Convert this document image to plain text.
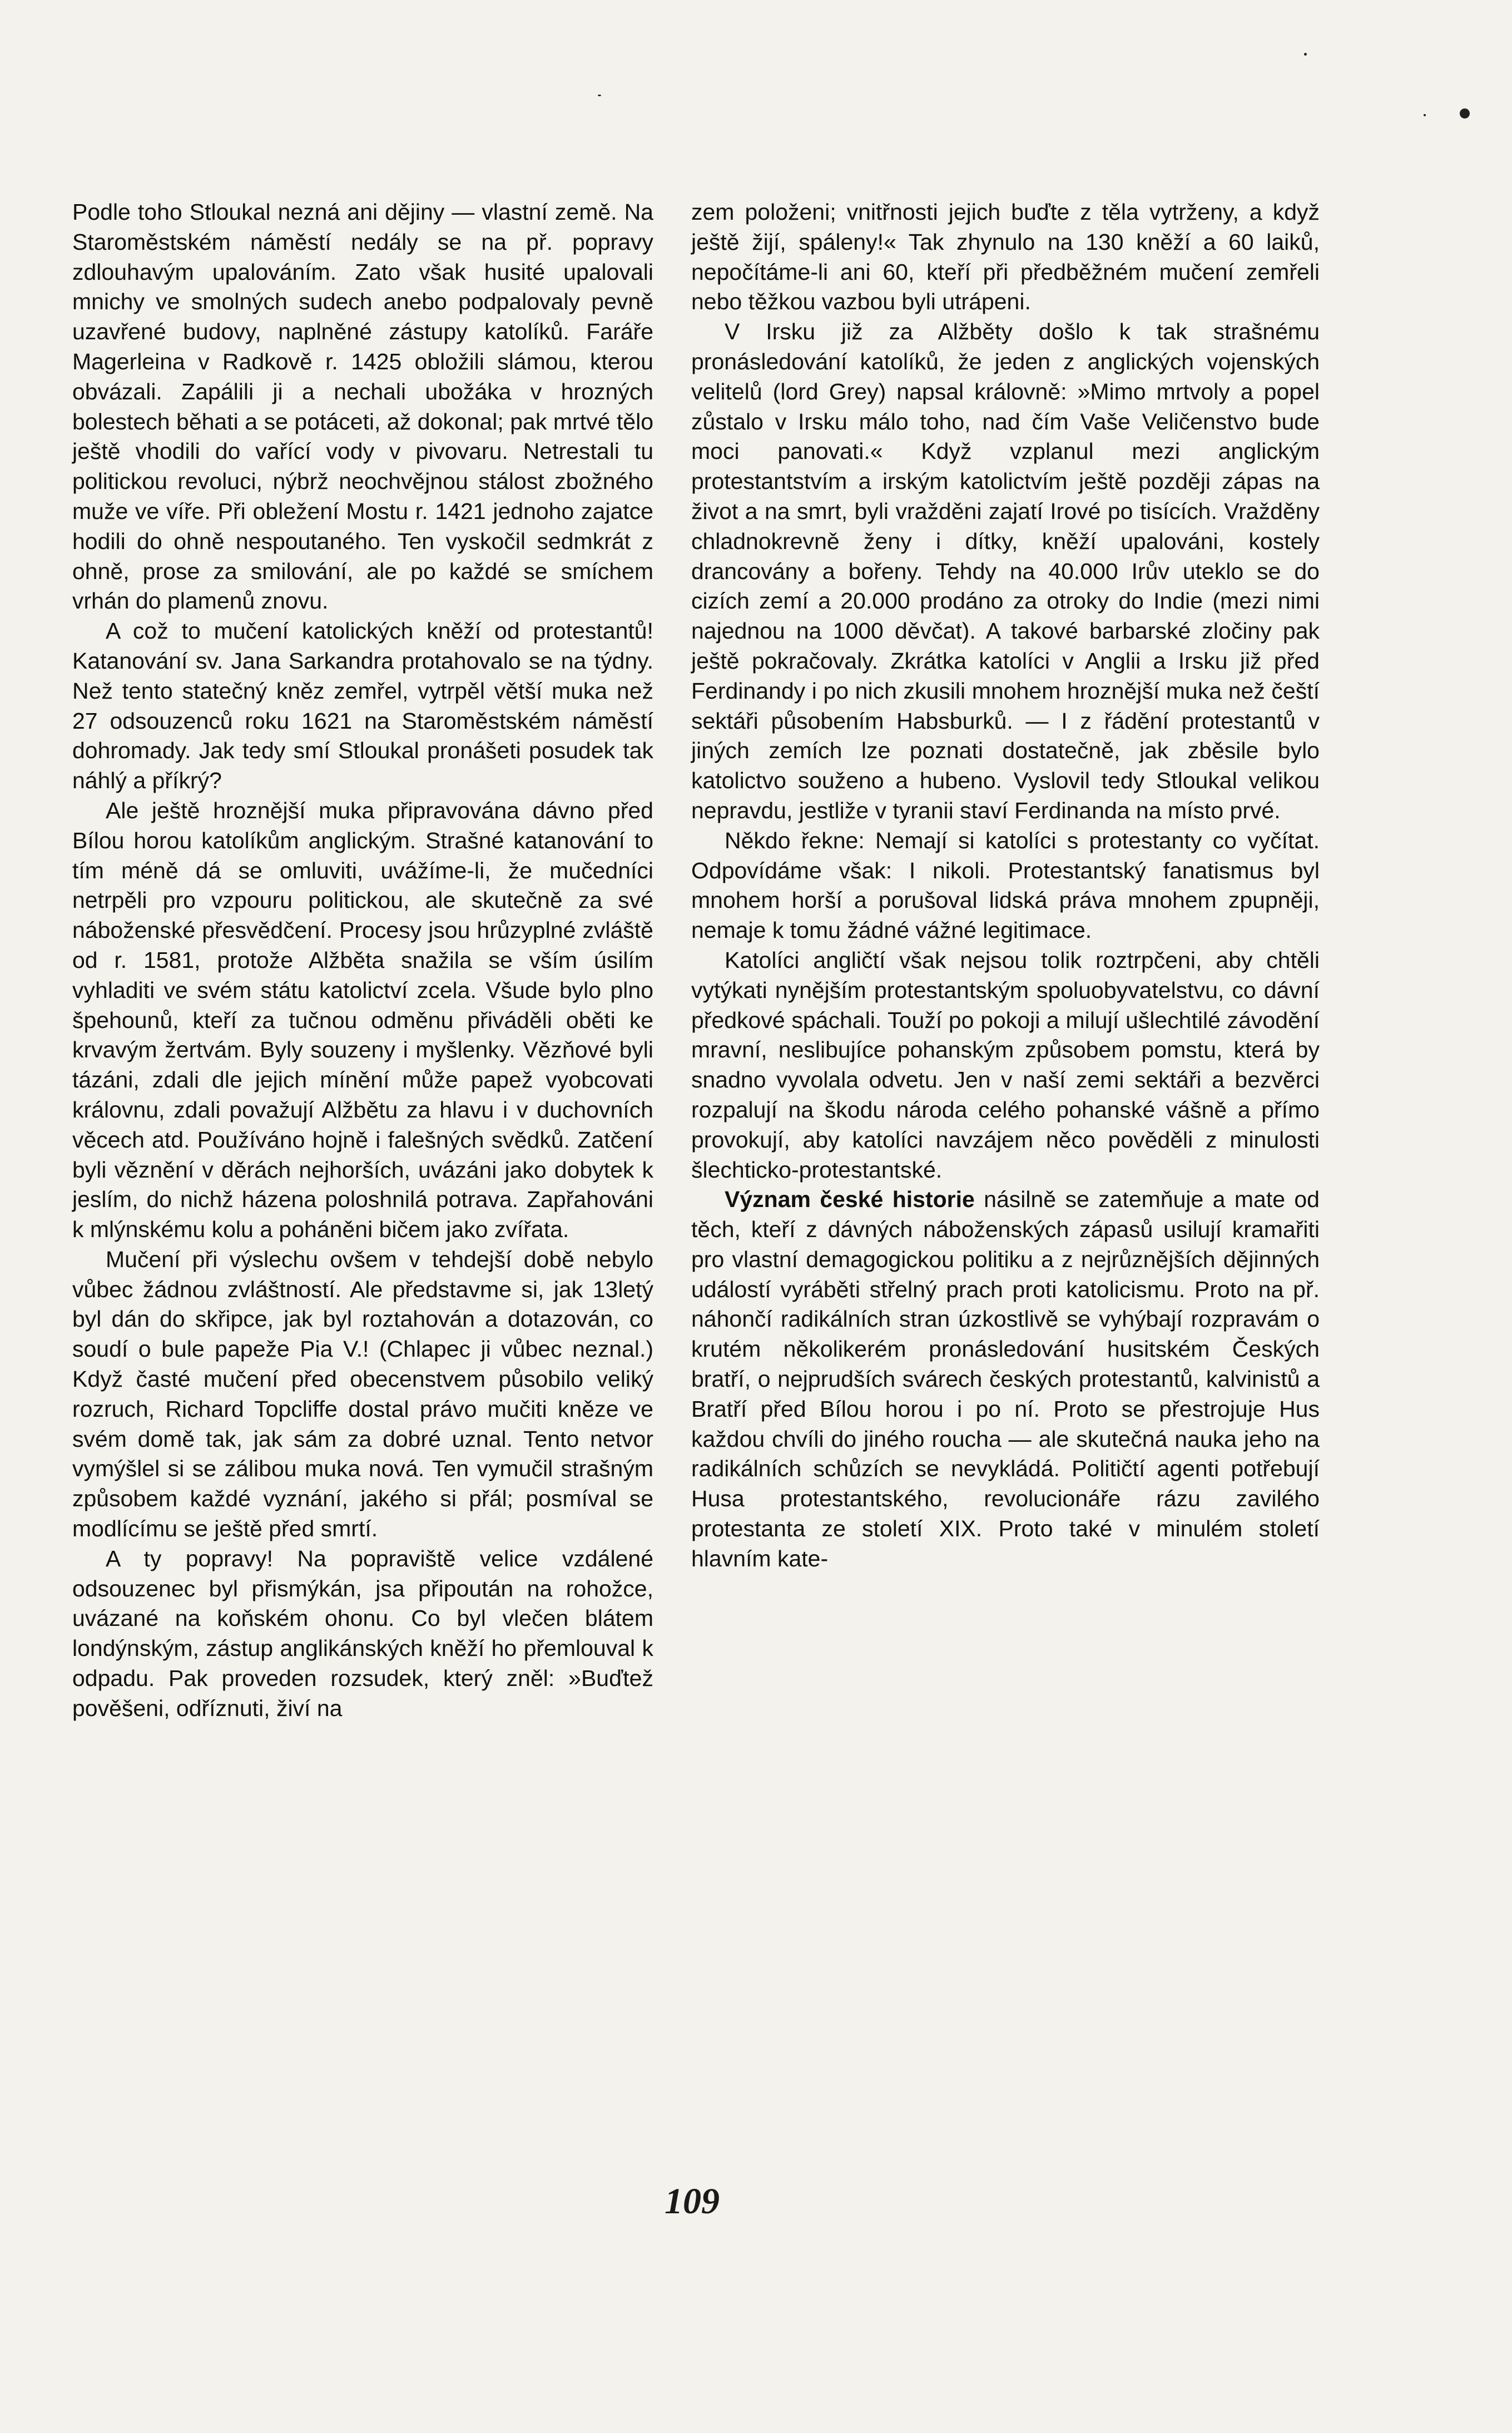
Podle toho Stloukal nezná ani dějiny — vlastní země. Na Staroměstském náměstí nedály se na př. popravy zdlouhavým upalováním. Zato však husité upalovali mnichy ve smolných sudech anebo podpalovaly pevně uzavřené budovy, naplněné zástupy katolíků. Faráře Magerleina v Radkově r. 1425 obložili slámou, kterou obvázali. Zapálili ji a nechali ubožáka v hrozných bolestech běhati a se potáceti, až dokonal; pak mrtvé tělo ještě vhodili do vařící vody v pivovaru. Netrestali tu politickou revoluci, nýbrž neochvějnou stálost zbožného muže ve víře. Při obležení Mostu r. 1421 jednoho zajatce hodili do ohně nespoutaného. Ten vyskočil sedmkrát z ohně, prose za smilování, ale po každé se smíchem vrhán do plamenů znovu.

A což to mučení katolických kněží od protestantů! Katanování sv. Jana Sarkandra protahovalo se na týdny. Než tento statečný kněz zemřel, vytrpěl větší muka než 27 odsouzenců roku 1621 na Staroměstském náměstí dohromady. Jak tedy smí Stloukal pronášeti posudek tak náhlý a příkrý?

Ale ještě hroznější muka připravována dávno před Bílou horou katolíkům anglickým. Strašné katanování to tím méně dá se omluviti, uvážíme-li, že mučedníci netrpěli pro vzpouru politickou, ale skutečně za své náboženské přesvědčení. Procesy jsou hrůzyplné zvláště od r. 1581, protože Alžběta snažila se vším úsilím vyhladiti ve svém státu katolictví zcela. Všude bylo plno špehounů, kteří za tučnou odměnu přiváděli oběti ke krvavým žertvám. Byly souzeny i myšlenky. Vězňové byli tázáni, zdali dle jejich mínění může papež vyobcovati královnu, zdali považují Alžbětu za hlavu i v duchovních věcech atd. Používáno hojně i falešných svědků. Zatčení byli věznění v děrách nejhorších, uvázáni jako dobytek k jeslím, do nichž házena poloshnilá potrava. Zapřahováni k mlýnskému kolu a poháněni bičem jako zvířata.

Mučení při výslechu ovšem v tehdejší době nebylo vůbec žádnou zvláštností. Ale představme si, jak 13letý byl dán do skřipce, jak byl roztahován a dotazován, co soudí o bule papeže Pia V.! (Chlapec ji vůbec neznal.) Když časté mučení před obecenstvem působilo veliký rozruch, Richard Topcliffe dostal právo mučiti kněze ve svém domě tak, jak sám za dobré uznal. Tento netvor vymýšlel si se zálibou muka nová. Ten vymučil strašným způsobem každé vyznání, jakého si přál; posmíval se modlícímu se ještě před smrtí.

A ty popravy! Na popraviště velice vzdálené odsouzenec byl přismýkán, jsa připoután na rohožce, uvázané na koňském ohonu. Co byl vlečen blátem londýnským, zástup anglikánských kněží ho přemlouval k odpadu. Pak proveden rozsudek, který zněl: »Buďtež pověšeni, odříznuti, živí na

zem položeni; vnitřnosti jejich buďte z těla vytrženy, a když ještě žijí, spáleny!« Tak zhynulo na 130 kněží a 60 laiků, nepočítáme-li ani 60, kteří při předběžném mučení zemřeli nebo těžkou vazbou byli utrápeni.

V Irsku již za Alžběty došlo k tak strašnému pronásledování katolíků, že jeden z anglických vojenských velitelů (lord Grey) napsal královně: »Mimo mrtvoly a popel zůstalo v Irsku málo toho, nad čím Vaše Veličenstvo bude moci panovati.« Když vzplanul mezi anglickým protestantstvím a irským katolictvím ještě později zápas na život a na smrt, byli vražděni zajatí Irové po tisících. Vražděny chladnokrevně ženy i dítky, kněží upalováni, kostely drancovány a bořeny. Tehdy na 40.000 Irův uteklo se do cizích zemí a 20.000 prodáno za otroky do Indie (mezi nimi najednou na 1000 děvčat). A takové barbarské zločiny pak ještě pokračovaly. Zkrátka katolíci v Anglii a Irsku již před Ferdinandy i po nich zkusili mnohem hroznější muka než čeští sektáři působením Habsburků. — I z řádění protestantů v jiných zemích lze poznati dostatečně, jak zběsile bylo katolictvo souženo a hubeno. Vyslovil tedy Stloukal velikou nepravdu, jestliže v tyranii staví Ferdinanda na místo prvé.

Někdo řekne: Nemají si katolíci s protestanty co vyčítat. Odpovídáme však: I nikoli. Protestantský fanatismus byl mnohem horší a porušoval lidská práva mnohem zpupněji, nemaje k tomu žádné vážné legitimace.

Katolíci angličtí však nejsou tolik roztrpčeni, aby chtěli vytýkati nynějším protestantským spoluobyvatelstvu, co dávní předkové spáchali. Touží po pokoji a milují ušlechtilé závodění mravní, neslibujíce pohanským způsobem pomstu, která by snadno vyvolala odvetu. Jen v naší zemi sektáři a bezvěrci rozpalují na škodu národa celého pohanské vášně a přímo provokují, aby katolíci navzájem něco pověděli z minulosti šlechticko-protestantské.

Význam české historie násilně se zatemňuje a mate od těch, kteří z dávných náboženských zápasů usilují kramařiti pro vlastní demagogickou politiku a z nejrůznějších dějinných událostí vyráběti střelný prach proti katolicismu. Proto na př. náhončí radikálních stran úzkostlivě se vyhýbají rozpravám o krutém několikerém pronásledování husitském Českých bratří, o nejprudších svárech českých protestantů, kalvinistů a Bratří před Bílou horou i po ní. Proto se přestrojuje Hus každou chvíli do jiného roucha — ale skutečná nauka jeho na radikálních schůzích se nevykládá. Političtí agenti potřebují Husa protestantského, revolucionáře rázu zavilého protestanta ze století XIX. Proto také v minulém století hlavním kate-

109
